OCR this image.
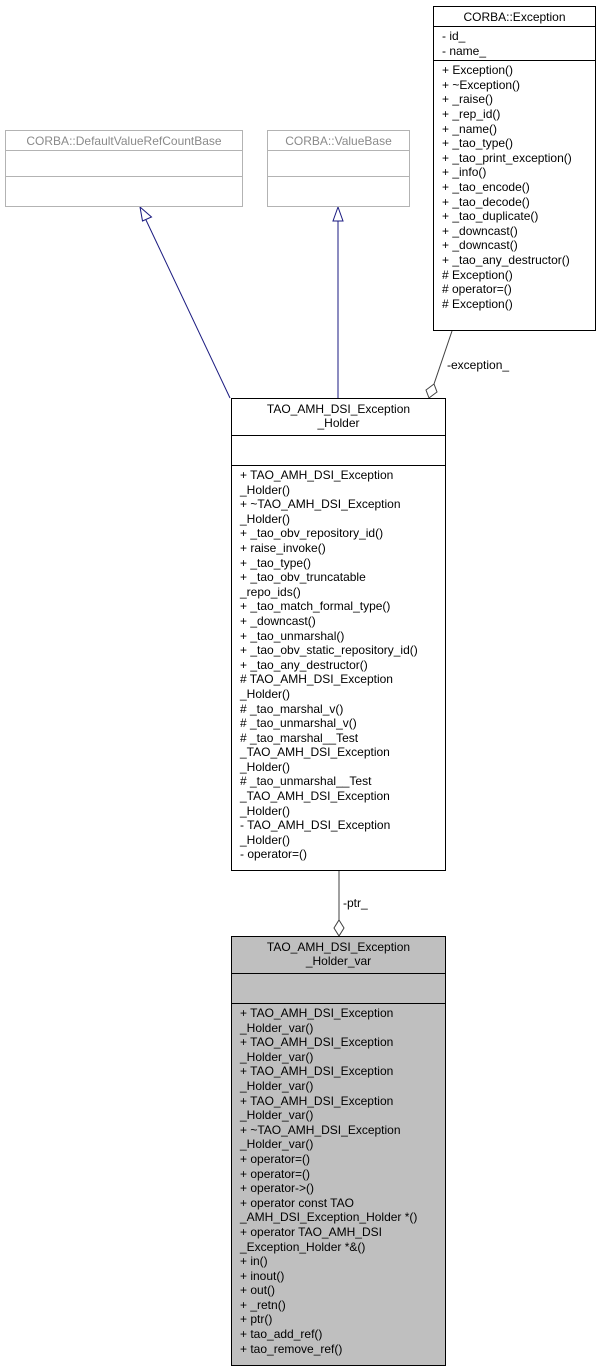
CORBA::DefaultValueRefCountBase	CORBA::ValueBase
CORBA::Exception
- id_
- name_
+ Exception()
+ ~Exception()
+ _raise()
+ _rep_id()
+ _name()
+ _tao_type()
+ _tao_print_exception()
+ _info()
+ _tao_encode()
+ _tao_decode()
+ _tao_duplicate()
+ _downcast()
+ _downcast()
+ _tao_any_destructor()
# Exception()
# operator=()
# Exception()
TAO_AMH_DSI_Exception
_Holder
+ TAO_AMH_DSI_Exception
_Holder()
+ ~TAO_AMH_DSI_Exception
_Holder()
+ _tao_obv_repository_id()
+ raise_invoke()
+ _tao_type()
+ _tao_obv_truncatable
_repo_ids()
+ _tao_match_formal_type()
+ _downcast()
+ _tao_unmarshal()
+ _tao_obv_static_repository_id()
+ _tao_any_destructor()
# TAO_AMH_DSI_Exception
_Holder()
# _tao_marshal_v()
# _tao_unmarshal_v()
# _tao_marshal__Test
_TAO_AMH_DSI_Exception
_Holder()
# _tao_unmarshal__Test
_TAO_AMH_DSI_Exception
_Holder()
- TAO_AMH_DSI_Exception
_Holder()
- operator=()
TAO_AMH_DSI_Exception
_Holder_var
+ TAO_AMH_DSI_Exception
_Holder_var()
+ TAO_AMH_DSI_Exception
_Holder_var()
+ TAO_AMH_DSI_Exception
_Holder_var()
+ TAO_AMH_DSI_Exception
_Holder_var()
+ ~TAO_AMH_DSI_Exception
_Holder_var()
+ operator=()
+ operator=()
+ operator->()
+ operator const TAO
_AMH_DSI_Exception_Holder *()
+ operator TAO_AMH_DSI
_Exception_Holder *&()
+ in()
+ inout()
+ out()
+ _retn()
+ ptr()
+ tao_add_ref()
+ tao_remove_ref()
-exception_
-ptr_
